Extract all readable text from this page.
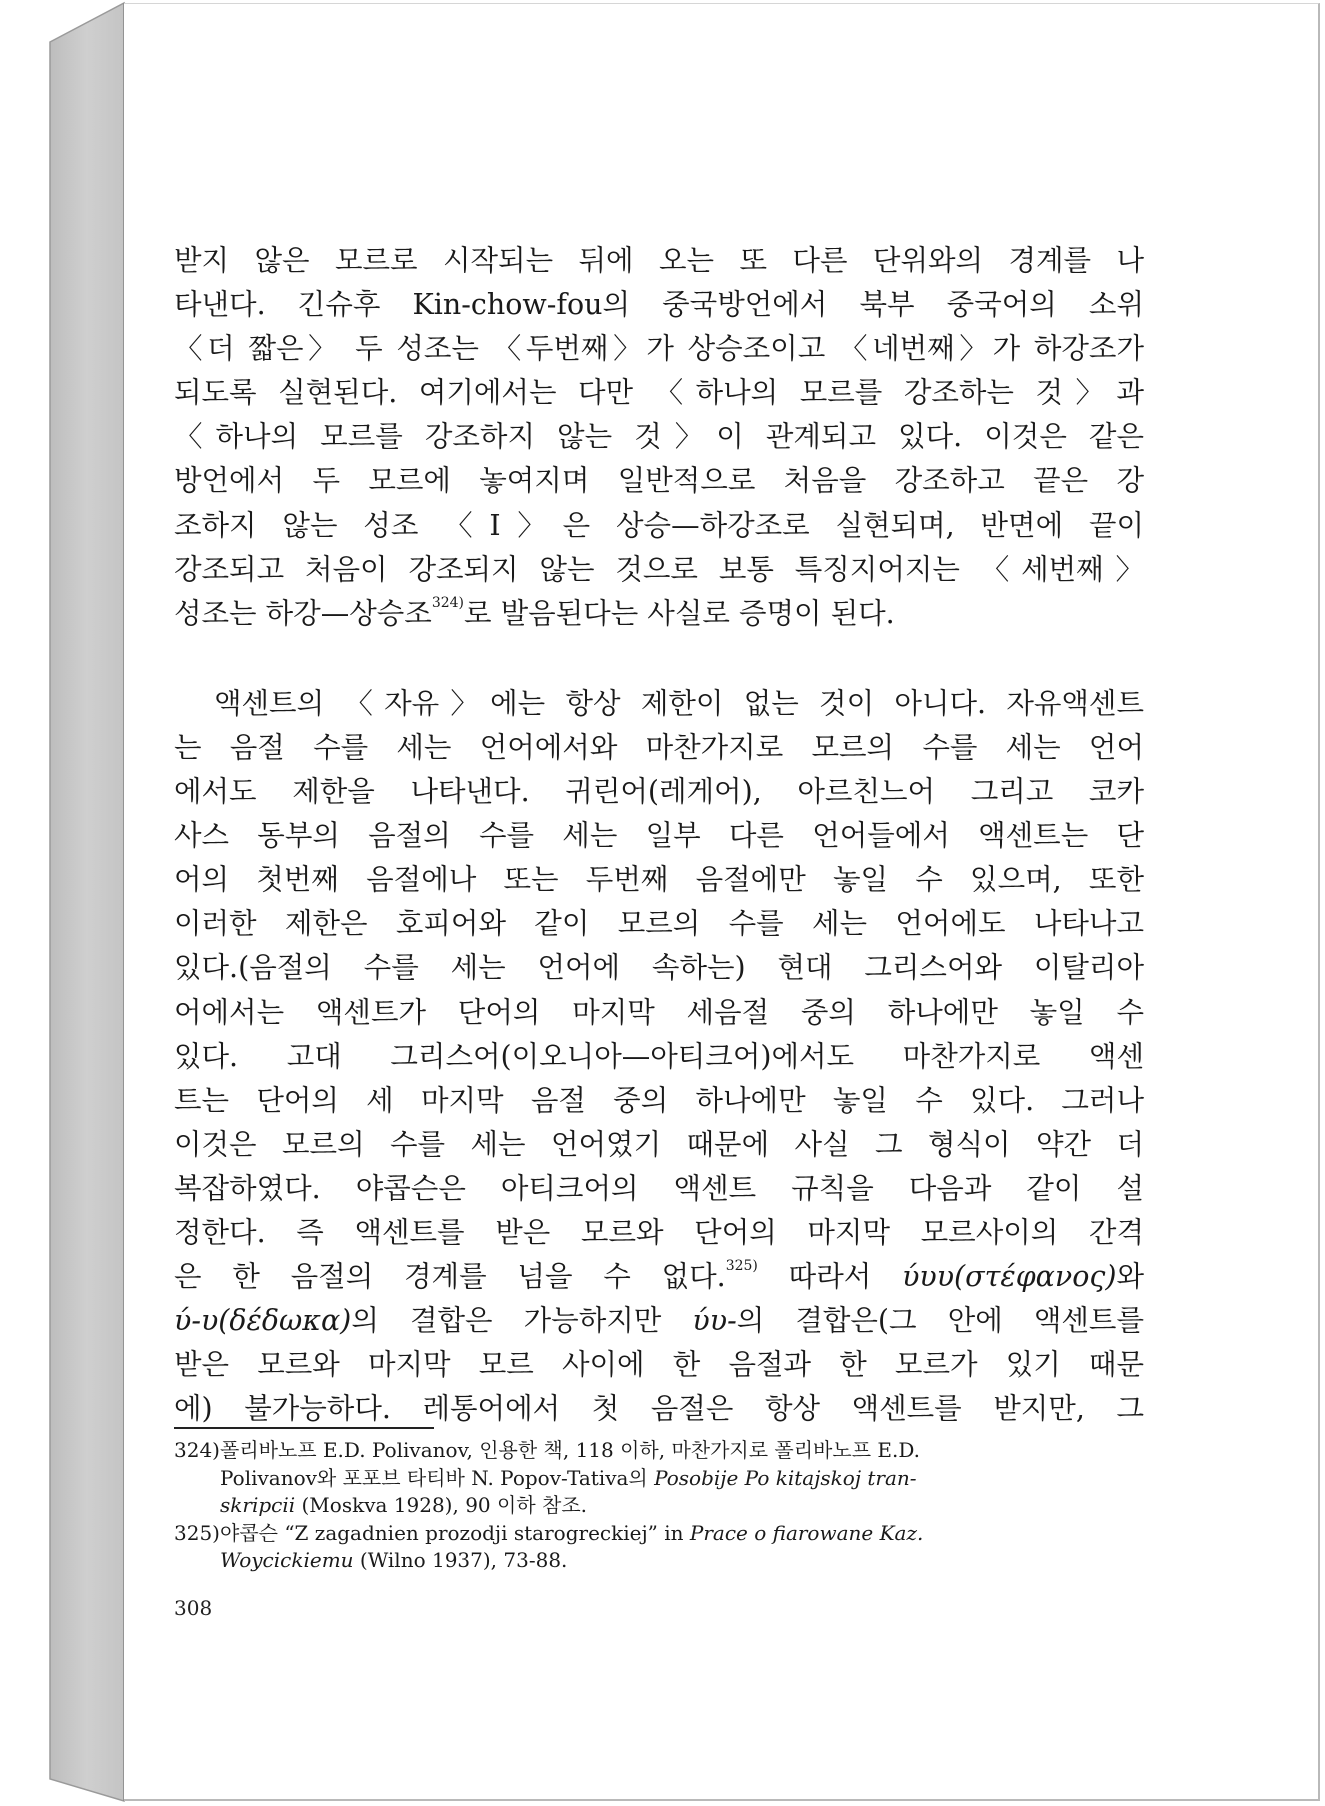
받지 않은 모르로 시작되는 뒤에 오는 또 다른 단위와의 경계를 나
타낸다. 긴슈후 Kin-chow-fou의 중국방언에서 북부 중국어의 소위
〈더 짧은〉 두 성조는 〈두번째〉가 상승조이고 〈네번째〉가 하강조가
되도록 실현된다. 여기에서는 다만 〈하나의 모르를 강조하는 것〉과
〈하나의 모르를 강조하지 않는 것〉이 관계되고 있다. 이것은 같은
방언에서 두 모르에 놓여지며 일반적으로 처음을 강조하고 끝은 강
조하지 않는 성조 〈Ⅰ〉은 상승—하강조로 실현되며, 반면에 끝이
강조되고 처음이 강조되지 않는 것으로 보통 특징지어지는 〈세번째〉
성조는 하강—상승조$^{324)}$로 발음된다는 사실로 증명이 된다.
액센트의 〈자유〉에는 항상 제한이 없는 것이 아니다. 자유액센트
는 음절 수를 세는 언어에서와 마찬가지로 모르의 수를 세는 언어
에서도 제한을 나타낸다. 귀린어(레게어), 아르친느어 그리고 코카
사스 동부의 음절의 수를 세는 일부 다른 언어들에서 액센트는 단
어의 첫번째 음절에나 또는 두번째 음절에만 놓일 수 있으며, 또한
이러한 제한은 호피어와 같이 모르의 수를 세는 언어에도 나타나고
있다.(음절의 수를 세는 언어에 속하는) 현대 그리스어와 이탈리아
어에서는 액센트가 단어의 마지막 세음절 중의 하나에만 놓일 수
있다. 고대 그리스어(이오니아—아티크어)에서도 마찬가지로 액센
트는 단어의 세 마지막 음절 중의 하나에만 놓일 수 있다. 그러나
이것은 모르의 수를 세는 언어였기 때문에 사실 그 형식이 약간 더
복잡하였다. 야콥슨은 아티크어의 액센트 규칙을 다음과 같이 설
정한다. 즉 액센트를 받은 모르와 단어의 마지막 모르사이의 간격
은 한 음절의 경계를 넘을 수 없다.$^{325)}$ 따라서 ύυυ(στέφανος)와
ύ-υ(δέδωκα)의 결합은 가능하지만 ύυ-의 결합은(그 안에 액센트를
받은 모르와 마지막 모르 사이에 한 음절과 한 모르가 있기 때문
에) 불가능하다. 레통어에서 첫 음절은 항상 액센트를 받지만, 그
324)폴리바노프 E.D. Polivanov, 인용한 책, 118 이하, 마찬가지로 폴리바노프 E.D.
Polivanov와 포포브 타티바 N. Popov-Tativa의 Posobije Po kitajskoj tran-
skripcii (Moskva 1928), 90 이하 참조.
325)야콥슨 “Z zagadnien prozodji starogreckiej” in Prace o fiarowane Kaz.
Woycickiemu (Wilno 1937), 73-88.
308
